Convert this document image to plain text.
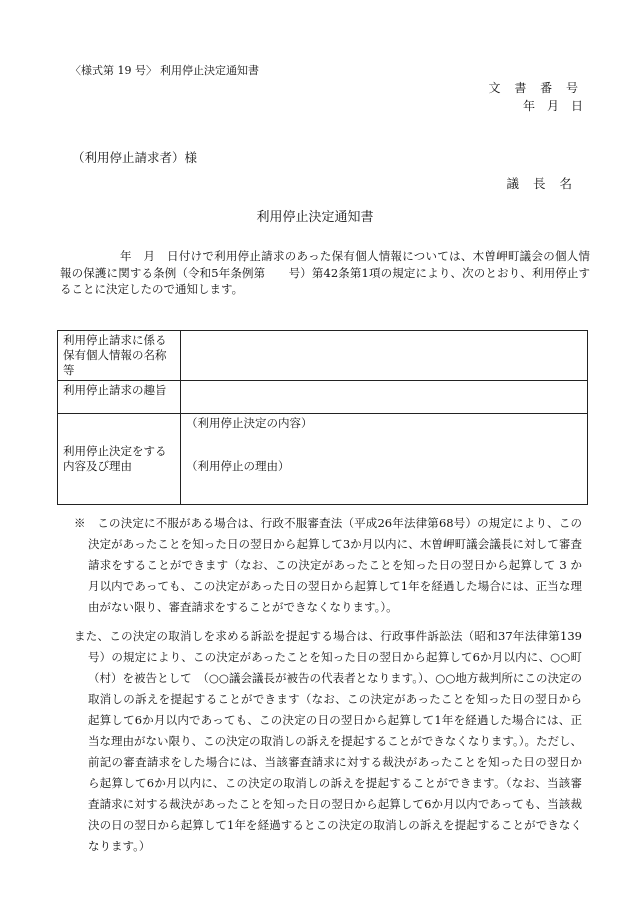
〈様式第 19 号〉 利用停止決定通知書
文 書 番 号
年　月　日
（利用停止請求者）様
議 長 名
利用停止決定通知書
年　月　日付けで利用停止請求のあった保有個人情報については、木曽岬町議会の個人情報の保護に関する条例（令和5年条例第　　号）第42条第1項の規定により、次のとおり、利用停止することに決定したので通知します。
利用停止請求に係る保有個人情報の名称等	
利用停止請求の趣旨	
利用停止決定をする内容及び理由	（利用停止決定の内容）
（利用停止の理由）
※　この決定に不服がある場合は、行政不服審査法（平成26年法律第68号）の規定により、この決定があったことを知った日の翌日から起算して3か月以内に、木曽岬町議会議長に対して審査請求をすることができます（なお、この決定があったことを知った日の翌日から起算して 3 か月以内であっても、この決定があった日の翌日から起算して1年を経過した場合には、正当な理由がない限り、審査請求をすることができなくなります。）。
また、この決定の取消しを求める訴訟を提起する場合は、行政事件訴訟法（昭和37年法律第139号）の規定により、この決定があったことを知った日の翌日から起算して6か月以内に、○○町（村）を被告として　（○○議会議長が被告の代表者となります。）、○○地方裁判所にこの決定の取消しの訴えを提起することができます（なお、この決定があったことを知った日の翌日から起算して6か月以内であっても、この決定の日の翌日から起算して1年を経過した場合には、正当な理由がない限り、この決定の取消しの訴えを提起することができなくなります。）。ただし、前記の審査請求をした場合には、当該審査請求に対する裁決があったことを知った日の翌日から起算して6か月以内に、この決定の取消しの訴えを提起することができます。（なお、当該審査請求に対する裁決があったことを知った日の翌日から起算して6か月以内であっても、当該裁決の日の翌日から起算して1年を経過するとこの決定の取消しの訴えを提起することができなくなります。）
